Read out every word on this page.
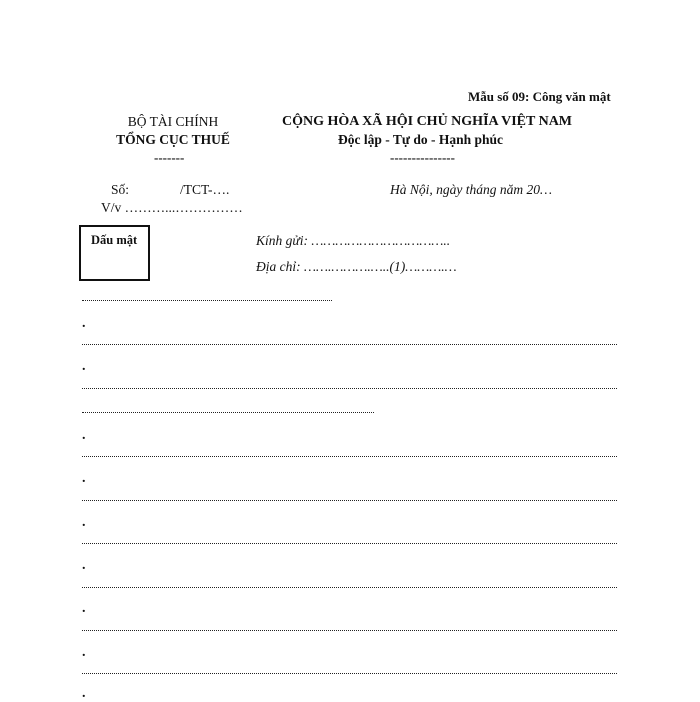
Mẫu số 09: Công văn mật
BỘ TÀI CHÍNH
TỔNG CỤC THUẾ
-------
CỘNG HÒA XÃ HỘI CHỦ NGHĨA VIỆT NAM
Độc lập - Tự do - Hạnh phúc
---------------
Số:	/TCT-….	Hà Nội, ngày tháng năm 20…
V/v ………...……………
Dấu mật	Kính gửi: ……………………………..
Địa chỉ: …….……….…..(1)……….…
.
.
.
.
.
.
.
.
.
